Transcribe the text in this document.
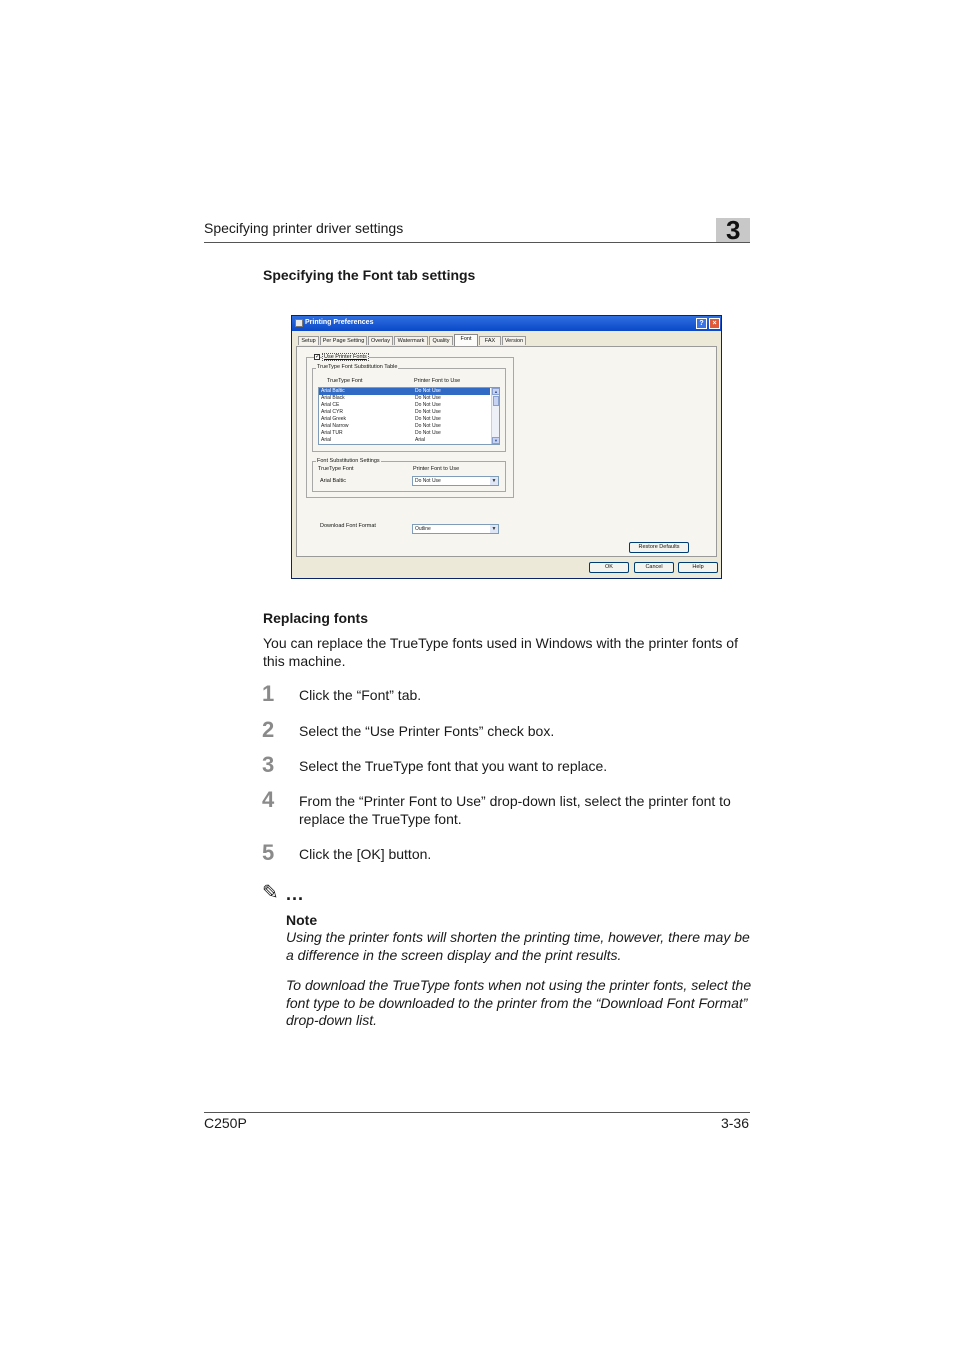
Specifying printer driver settings	3
Specifying the Font tab settings
Printing Preferences	?	×
Setup	Per Page Setting	Overlay	Watermark	Quality	Font	FAX	Version
✓ Use Printer Fonts
TrueType Font Substitution Table
TrueType Font	Printer Font to Use
Arial Baltic	Do Not Use
Arial Black	Do Not Use
Arial CE	Do Not Use
Arial CYR	Do Not Use
Arial Greek	Do Not Use
Arial Narrow	Do Not Use
Arial TUR	Do Not Use
Arial	Arial
▲
▼
Font Substitution Settings
TrueType Font	Printer Font to Use
Arial Baltic	Do Not Use	▼
Download Font Format	Outline	▼
Restore Defaults
OK	Cancel	Help
Replacing fonts
You can replace the TrueType fonts used in Windows with the printer fonts of this machine.
1 Click the “Font” tab.
2 Select the “Use Printer Fonts” check box.
3 Select the TrueType font that you want to replace.
4 From the “Printer Font to Use” drop-down list, select the printer font to replace the TrueType font.
5 Click the [OK] button.
✎ ...
Note
Using the printer fonts will shorten the printing time, however, there may be a difference in the screen display and the print results.
To download the TrueType fonts when not using the printer fonts, select the font type to be downloaded to the printer from the “Download Font Format” drop-down list.
C250P	3-36
